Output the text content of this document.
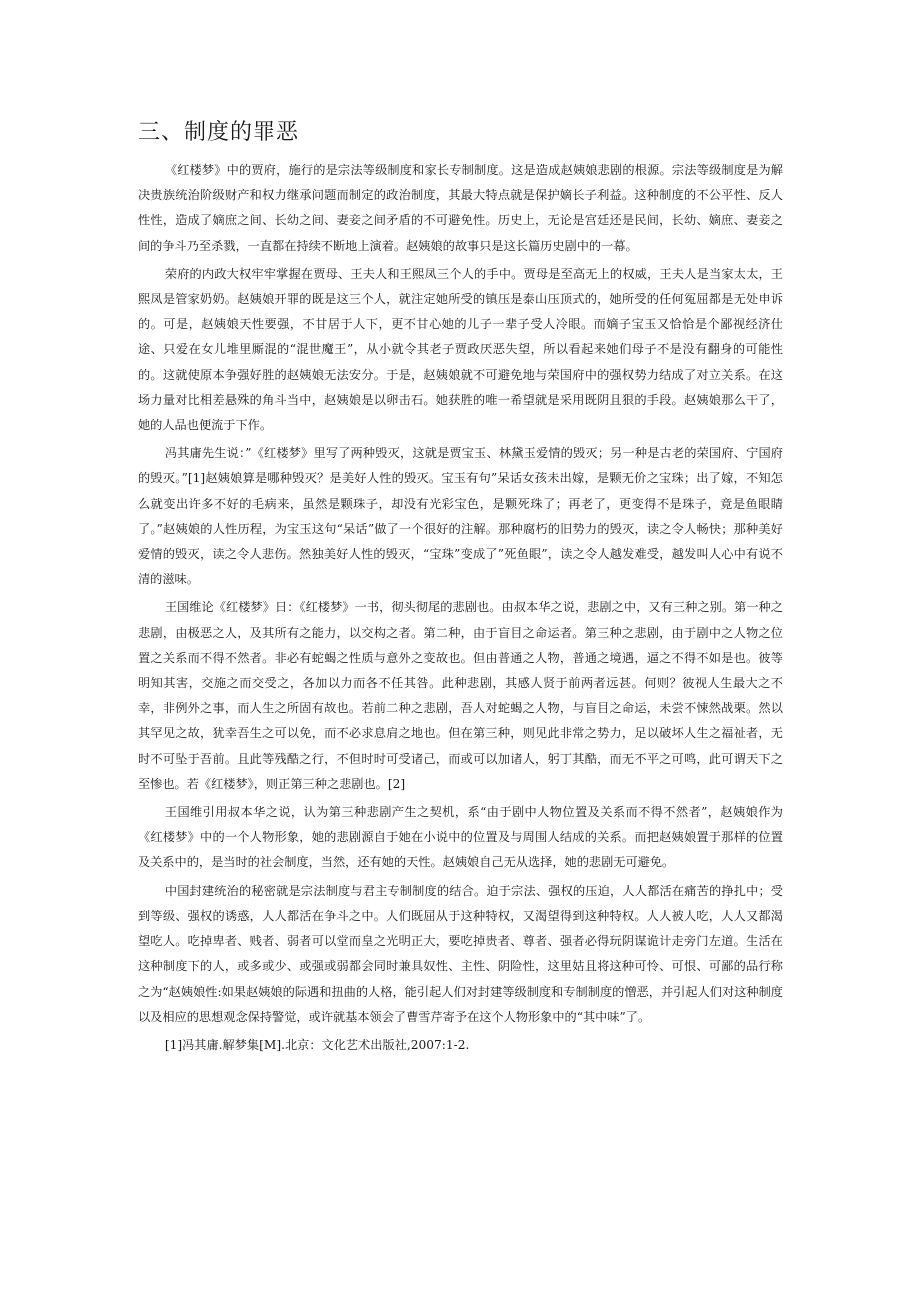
三、制度的罪恶

《红楼梦》中的贾府，施行的是宗法等级制度和家长专制制度。这是造成赵姨娘悲剧的根源。宗法等级制度是为解决贵族统治阶级财产和权力继承问题而制定的政治制度，其最大特点就是保护嫡长子利益。这种制度的不公平性、反人性性，造成了嫡庶之间、长幼之间、妻妾之间矛盾的不可避免性。历史上，无论是宫廷还是民间，长幼、嫡庶、妻妾之间的争斗乃至杀戮，一直都在持续不断地上演着。赵姨娘的故事只是这长篇历史剧中的一幕。

荣府的内政大权牢牢掌握在贾母、王夫人和王熙凤三个人的手中。贾母是至高无上的权威，王夫人是当家太太，王熙凤是管家奶奶。赵姨娘开罪的既是这三个人，就注定她所受的镇压是泰山压顶式的，她所受的任何冤屈都是无处申诉的。可是，赵姨娘天性要强，不甘居于人下，更不甘心她的儿子一辈子受人冷眼。而嫡子宝玉又恰恰是个鄙视经济仕途、只爱在女儿堆里厮混的“混世魔王”，从小就令其老子贾政厌恶失望，所以看起来她们母子不是没有翻身的可能性的。这就使原本争强好胜的赵姨娘无法安分。于是，赵姨娘就不可避免地与荣国府中的强权势力结成了对立关系。在这场力量对比相差悬殊的角斗当中，赵姨娘是以卵击石。她获胜的唯一希望就是采用既阴且狠的手段。赵姨娘那么干了，她的人品也便流于下作。

冯其庸先生说：”《红楼梦》里写了两种毁灭，这就是贾宝玉、林黛玉爱情的毁灭；另一种是古老的荣国府、宁国府的毁灭。”[1]赵姨娘算是哪种毁灭？是美好人性的毁灭。宝玉有句”呆话女孩未出嫁，是颗无价之宝珠；出了嫁，不知怎么就变出许多不好的毛病来，虽然是颗珠子，却没有光彩宝色，是颗死珠了；再老了，更变得不是珠子，竟是鱼眼睛了。”赵姨娘的人性历程，为宝玉这句“呆话”做了一个很好的注解。那种腐朽的旧势力的毁灭，读之令人畅快；那种美好爱情的毁灭，读之令人悲伤。然独美好人性的毁灭，“宝珠”变成了”死鱼眼”，读之令人越发难受，越发叫人心中有说不清的滋味。

王国维论《红楼梦》日：《红楼梦》一书，彻头彻尾的悲剧也。由叔本华之说，悲剧之中，又有三种之别。第一种之悲剧，由极恶之人，及其所有之能力，以交构之者。第二种，由于盲目之命运者。第三种之悲剧，由于剧中之人物之位置之关系而不得不然者。非必有蛇蝎之性质与意外之变故也。但由普通之人物，普通之境遇，逼之不得不如是也。彼等明知其害，交施之而交受之，各加以力而各不任其咎。此种悲剧，其感人贤于前两者远甚。何则？彼视人生最大之不幸，非例外之事，而人生之所固有故也。若前二种之悲剧，吾人对蛇蝎之人物，与盲目之命运，未尝不悚然战栗。然以其罕见之故，犹幸吾生之可以免，而不必求息肩之地也。但在第三种，则见此非常之势力，足以破坏人生之福祉者，无时不可坠于吾前。且此等残酷之行，不但时时可受诸己，而或可以加诸人，躬丁其酷，而无不平之可鸣，此可谓天下之至惨也。若《红楼梦》，则正第三种之悲剧也。[2]

王国维引用叔本华之说，认为第三种悲剧产生之契机，系“由于剧中人物位置及关系而不得不然者”，赵姨娘作为《红楼梦》中的一个人物形象，她的悲剧源自于她在小说中的位置及与周围人结成的关系。而把赵姨娘置于那样的位置及关系中的，是当时的社会制度，当然，还有她的天性。赵姨娘自己无从选择，她的悲剧无可避免。

中国封建统治的秘密就是宗法制度与君主专制制度的结合。迫于宗法、强权的压迫，人人都活在痛苦的挣扎中；受到等级、强权的诱惑，人人都活在争斗之中。人们既屈从于这种特权，又渴望得到这种特权。人人被人吃，人人又都渴望吃人。吃掉卑者、贱者、弱者可以堂而皇之光明正大，要吃掉贵者、尊者、强者必得玩阴谋诡计走旁门左道。生活在这种制度下的人，或多或少、或强或弱都会同时兼具奴性、主性、阴险性，这里姑且将这种可怜、可恨、可鄙的品行称之为“赵姨娘性:如果赵姨娘的际遇和扭曲的人格，能引起人们对封建等级制度和专制制度的憎恶，并引起人们对这种制度以及相应的思想观念保持警觉，或许就基本领会了曹雪芹寄予在这个人物形象中的“其中味”了。

[1]冯其庸.解梦集[M].北京：文化艺术出版社,2007:1-2.
